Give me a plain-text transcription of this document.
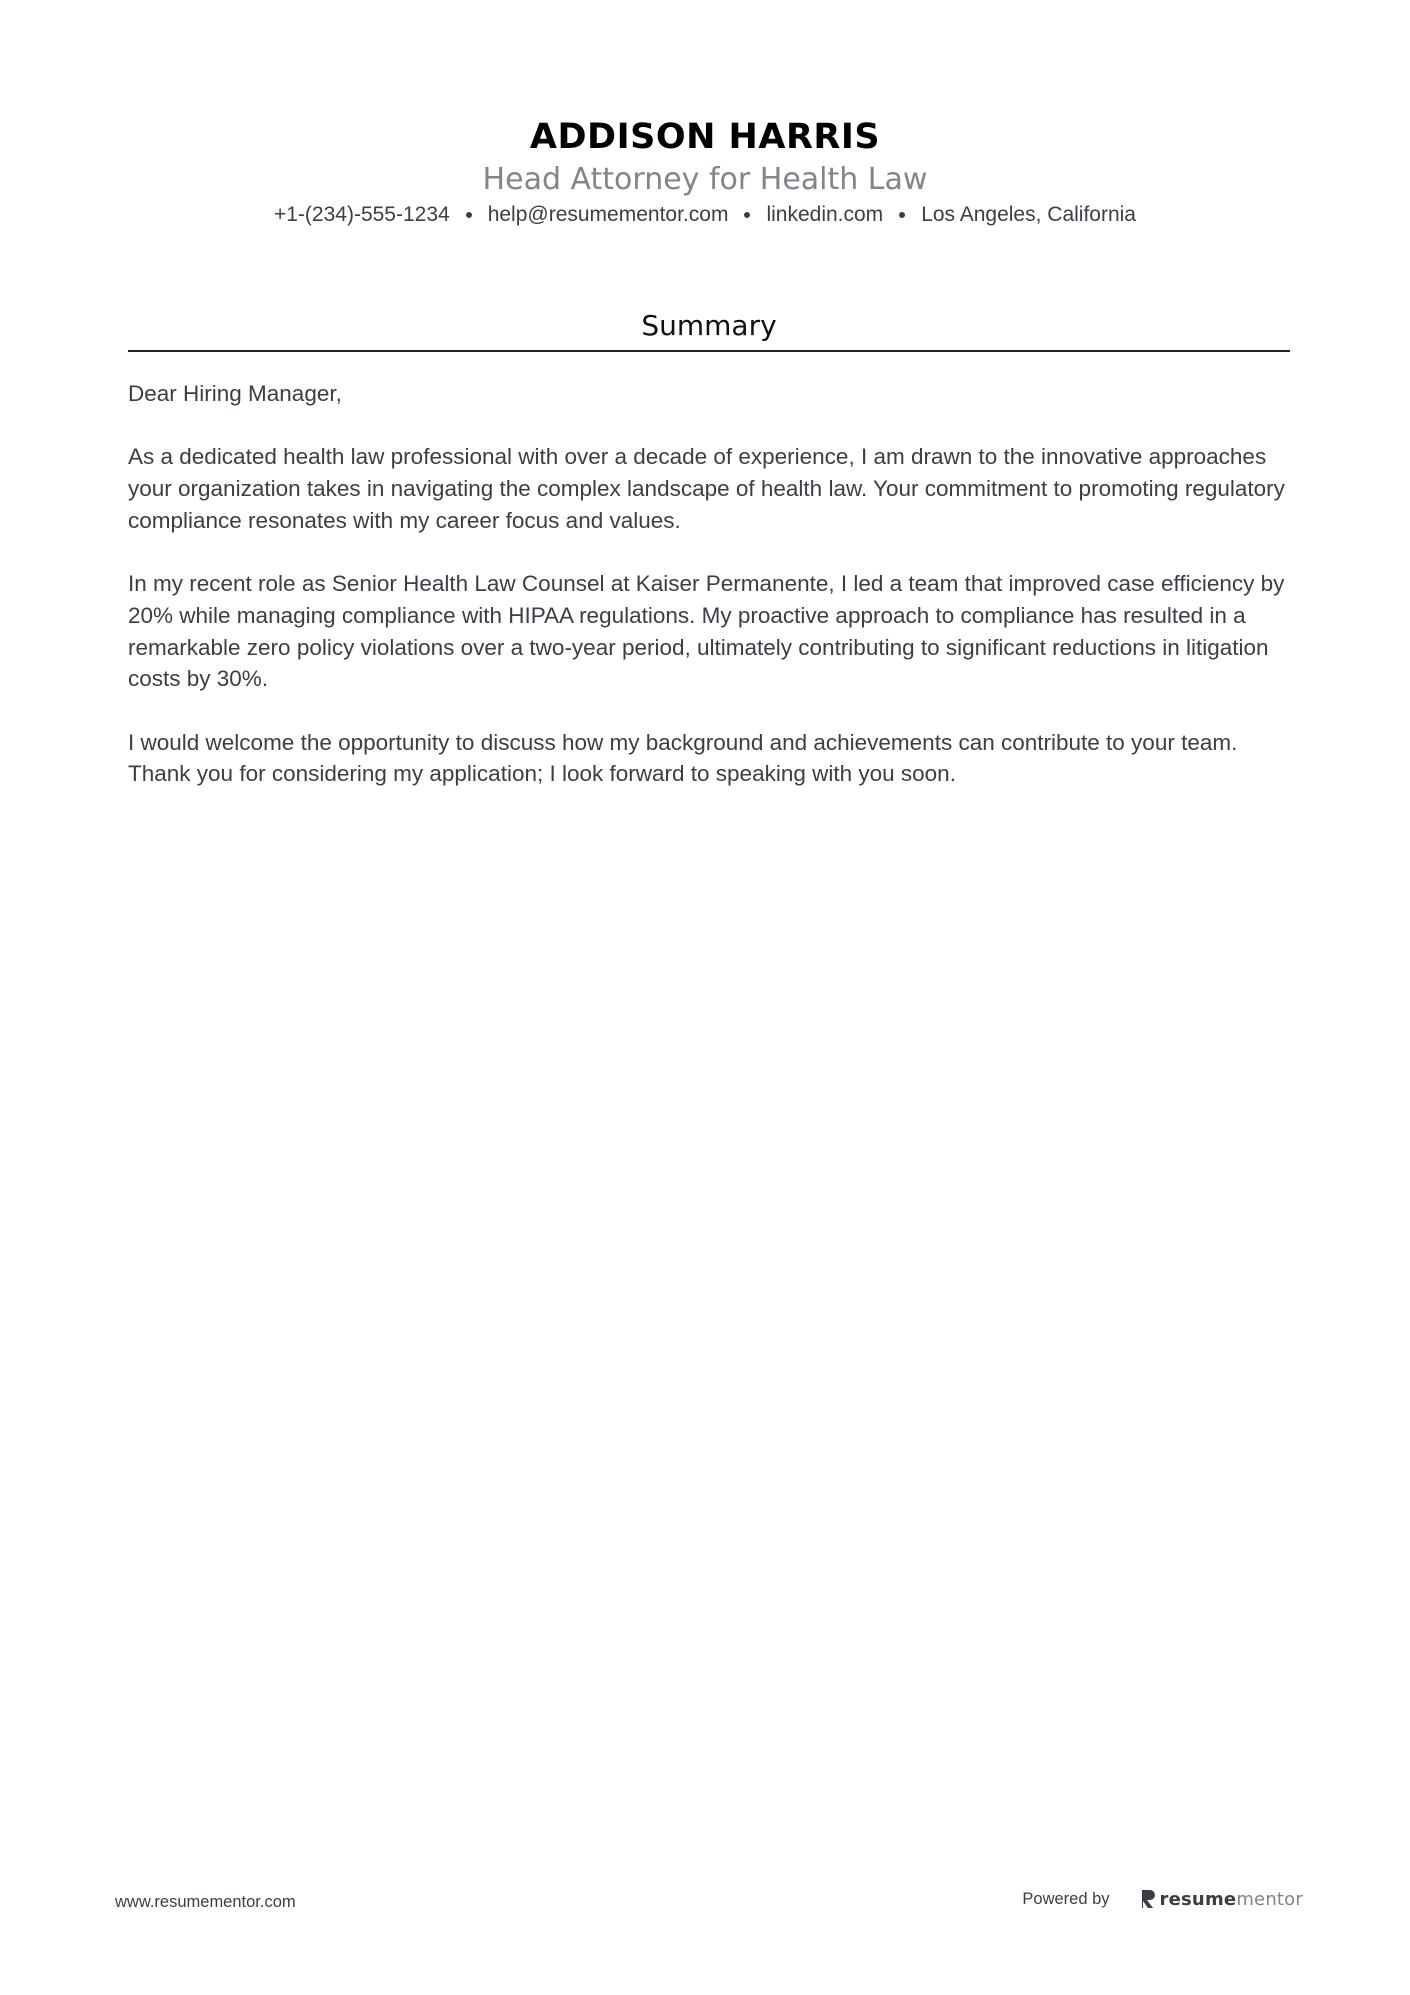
ADDISON HARRIS
Head Attorney for Health Law
+1-(234)-555-1234 help@resumementor.com linkedin.com Los Angeles, California
Summary

Dear Hiring Manager,

As a dedicated health law professional with over a decade of experience, I am drawn to the innovative approaches your organization takes in navigating the complex landscape of health law. Your commitment to promoting regulatory compliance resonates with my career focus and values.

In my recent role as Senior Health Law Counsel at Kaiser Permanente, I led a team that improved case efficiency by 20% while managing compliance with HIPAA regulations. My proactive approach to compliance has resulted in a remarkable zero policy violations over a two-year period, ultimately contributing to significant reductions in litigation costs by 30%.

I would welcome the opportunity to discuss how my background and achievements can contribute to your team. Thank you for considering my application; I look forward to speaking with you soon.

www.resumementor.com	Powered by	resumementor
